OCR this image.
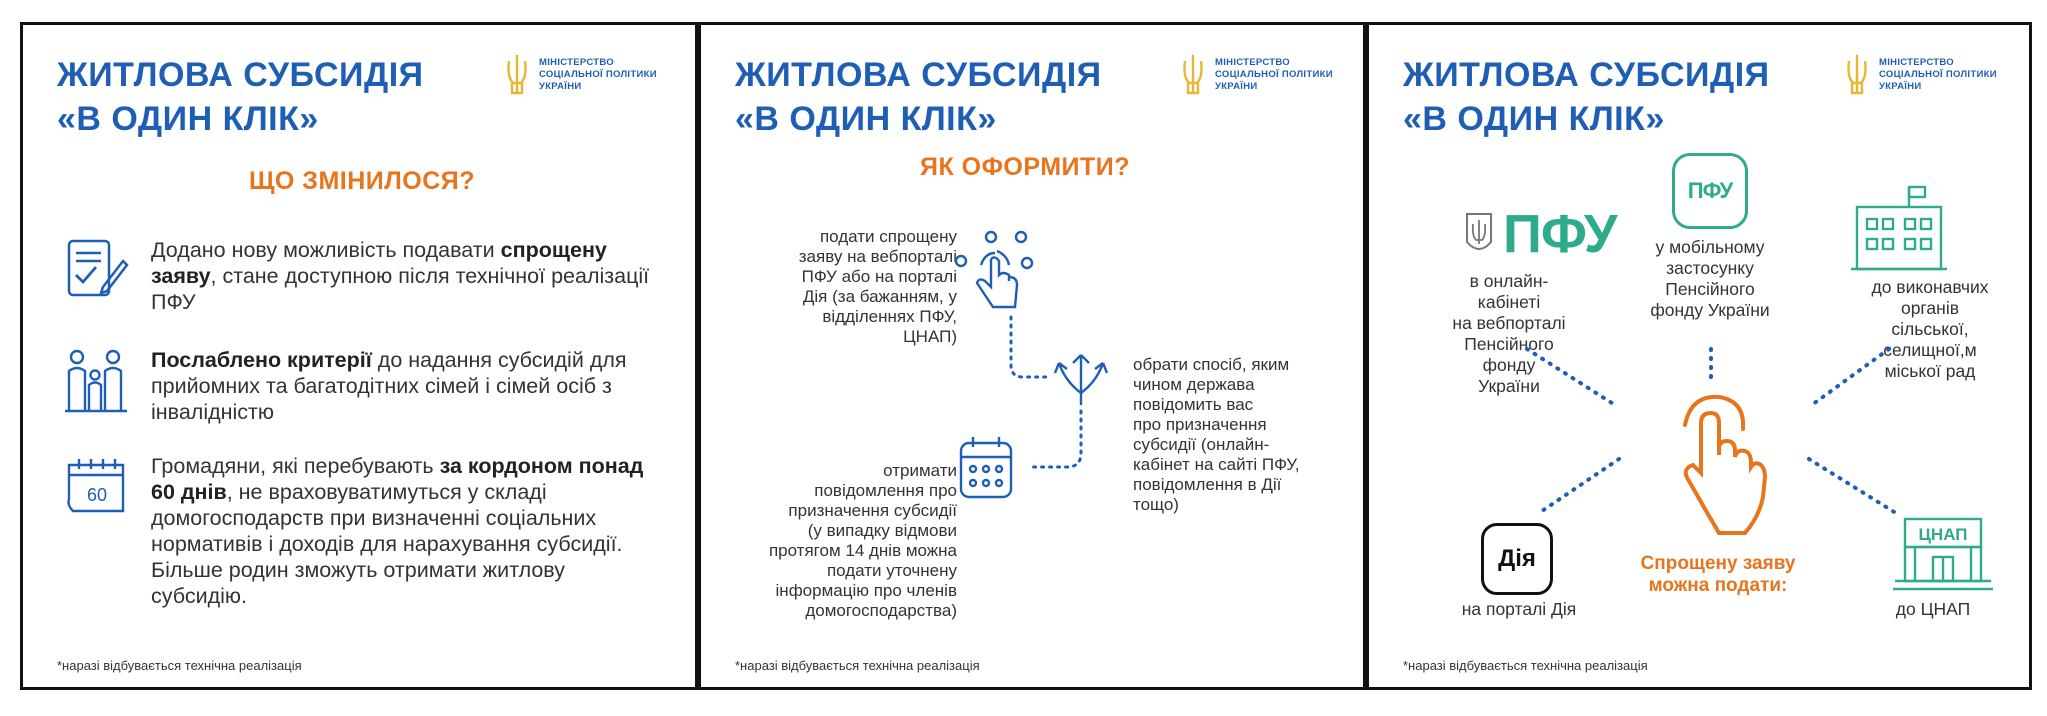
ЖИТЛОВА СУБСИДІЯ
«В ОДИН КЛІК»
МІНІСТЕРСТВО
СОЦІАЛЬНОЇ ПОЛІТИКИ
УКРАЇНИ
ЩО ЗМІНИЛОСЯ?
Додано нову можливість подавати спрощену заяву, стане доступною після технічної реалізації ПФУ
Послаблено критерії до надання субсидій для прийомних та багатодітних сімей і сімей осіб з інвалідністю
60
Громадяни, які перебувають за кордоном понад 60 днів, не враховуватимуться у складі домогосподарств при визначенні соціальних нормативів і доходів для нарахування субсидії. Більше родин зможуть отримати житлову субсидію.
*наразі відбувається технічна реалізація
ЖИТЛОВА СУБСИДІЯ
«В ОДИН КЛІК»
МІНІСТЕРСТВО
СОЦІАЛЬНОЇ ПОЛІТИКИ
УКРАЇНИ
ЯК ОФОРМИТИ?
подати спрощену
заяву на вебпорталі
ПФУ або на порталі
Дія (за бажанням, у
відділеннях ПФУ,
ЦНАП)
обрати спосіб, яким
чином держава
повідомить вас
про призначення
субсидії (онлайн-
кабінет на сайті ПФУ,
повідомлення в Дії
тощо)
отримати
повідомлення про
призначення субсидії
(у випадку відмови
протягом 14 днів можна
подати уточнену
інформацію про членів
домогосподарства)
*наразі відбувається технічна реалізація
ЖИТЛОВА СУБСИДІЯ
«В ОДИН КЛІК»
МІНІСТЕРСТВО
СОЦІАЛЬНОЇ ПОЛІТИКИ
УКРАЇНИ
ПФУ
в онлайн-
кабінеті
на вебпорталі
Пенсійного
фонду
України
ПФУ
у мобільному
застосунку
Пенсійного
фонду України
до виконавчих
органів
сільської,
селищної,м
міської рад
Дія
на порталі Дія
Спрощену заяву
можна подати:
ЦНАП
до ЦНАП
*наразі відбувається технічна реалізація
